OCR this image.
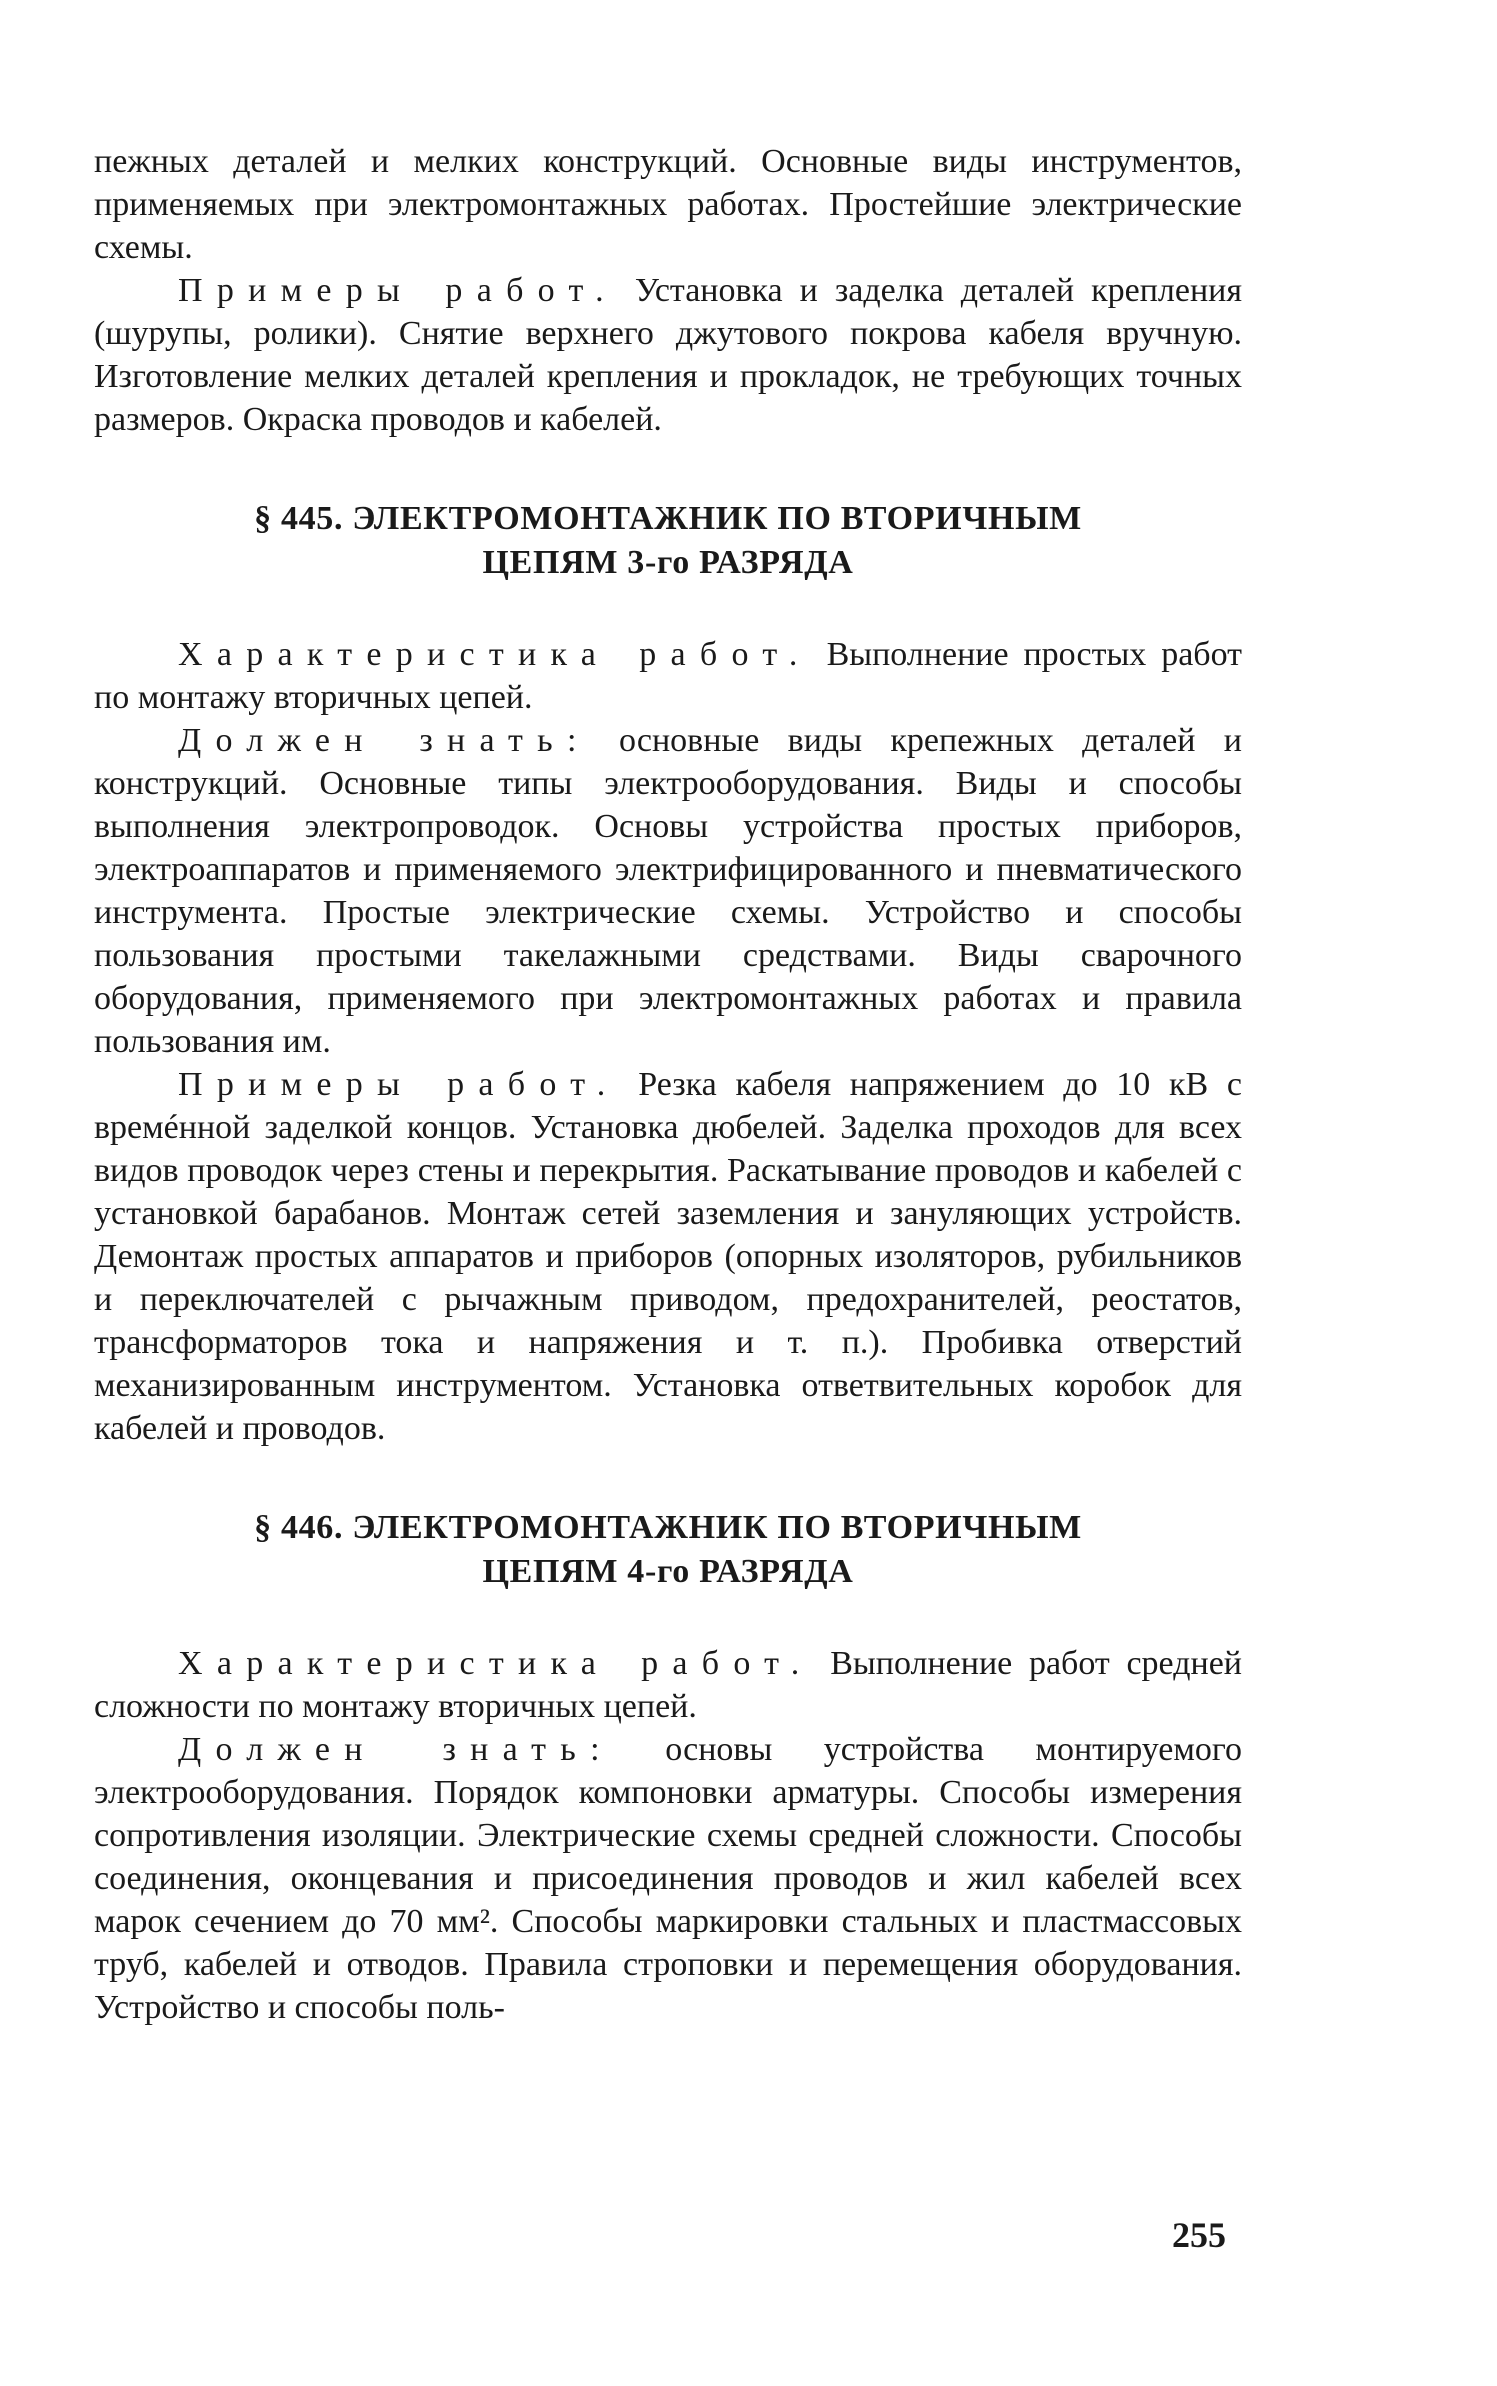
пежных деталей и мелких конструкций. Основные виды инструментов, применяемых при электромонтажных работах. Простейшие электрические схемы.

Примеры работ. Установка и заделка деталей крепления (шурупы, ролики). Снятие верхнего джутового покрова кабеля вручную. Изготовление мелких деталей крепления и прокладок, не требующих точных размеров. Окраска проводов и кабелей.

§ 445. ЭЛЕКТРОМОНТАЖНИК ПО ВТОРИЧНЫМ
ЦЕПЯМ 3-го РАЗРЯДА

Характеристика работ. Выполнение простых работ по монтажу вторичных цепей.

Должен знать: основные виды крепежных деталей и конструкций. Основные типы электрооборудования. Виды и способы выполнения электропроводок. Основы устройства простых приборов, электроаппаратов и применяемого электрифицированного и пневматического инструмента. Простые электрические схемы. Устройство и способы пользования простыми такелажными средствами. Виды сварочного оборудования, применяемого при электромонтажных работах и правила пользования им.

Примеры работ. Резка кабеля напряжением до 10 кВ с времéнной заделкой концов. Установка дюбелей. Заделка проходов для всех видов проводок через стены и перекрытия. Раскатывание проводов и кабелей с установкой барабанов. Монтаж сетей заземления и зануляющих устройств. Демонтаж простых аппаратов и приборов (опорных изоляторов, рубильников и переключателей с рычажным приводом, предохранителей, реостатов, трансформаторов тока и напряжения и т. п.). Пробивка отверстий механизированным инструментом. Установка ответвительных коробок для кабелей и проводов.

§ 446. ЭЛЕКТРОМОНТАЖНИК ПО ВТОРИЧНЫМ
ЦЕПЯМ 4-го РАЗРЯДА

Характеристика работ. Выполнение работ средней сложности по монтажу вторичных цепей.

Должен знать: основы устройства монтируемого электрооборудования. Порядок компоновки арматуры. Способы измерения сопротивления изоляции. Электрические схемы средней сложности. Способы соединения, оконцевания и присоединения проводов и жил кабелей всех марок сечением до 70 мм². Способы маркировки стальных и пластмассовых труб, кабелей и отводов. Правила строповки и перемещения оборудования. Устройство и способы поль-

255
